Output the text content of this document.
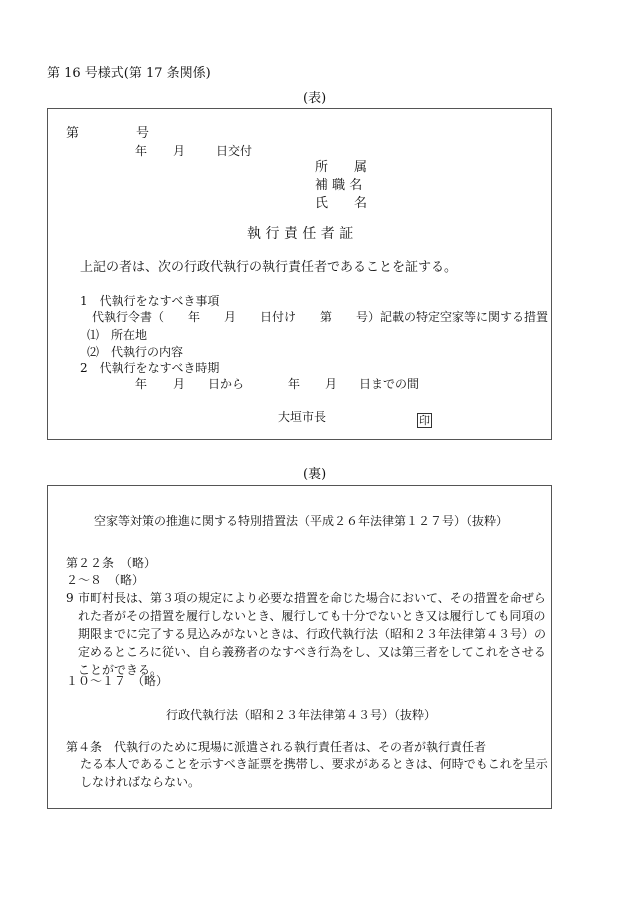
第 16 号様式(第 17 条関係)
(表)
第	号
年 月	日交付
所　　属
補 職 名
氏　　名
執 行 責 任 者 証
上記の者は、次の行政代執行の執行責任者であることを証する。
1　代執行をなすべき事項
代執行令書（　　年　　月　　日付け　　第　　号）記載の特定空家等に関する措置
⑴　所在地
⑵　代執行の内容
2　代執行をなすべき時期
年 月 日から	年 月 日までの間
大垣市長	印
(裏)
空家等対策の推進に関する特別措置法（平成２６年法律第１２７号）（抜粋）
第２２条　（略）
２～８　（略）
9 市町村長は、第３項の規定により必要な措置を命じた場合において、その措置を命ぜられた者がその措置を履行しないとき、履行しても十分でないとき又は履行しても同項の期限までに完了する見込みがないときは、行政代執行法（昭和２３年法律第４３号）の定めるところに従い、自ら義務者のなすべき行為をし、又は第三者をしてこれをさせることができる。
１０～１７　（略）
行政代執行法（昭和２３年法律第４３号）（抜粋）
第４条　代執行のために現場に派遣される執行責任者は、その者が執行責任者
たる本人であることを示すべき証票を携帯し、要求があるときは、何時でもこれを呈示しなければならない。
